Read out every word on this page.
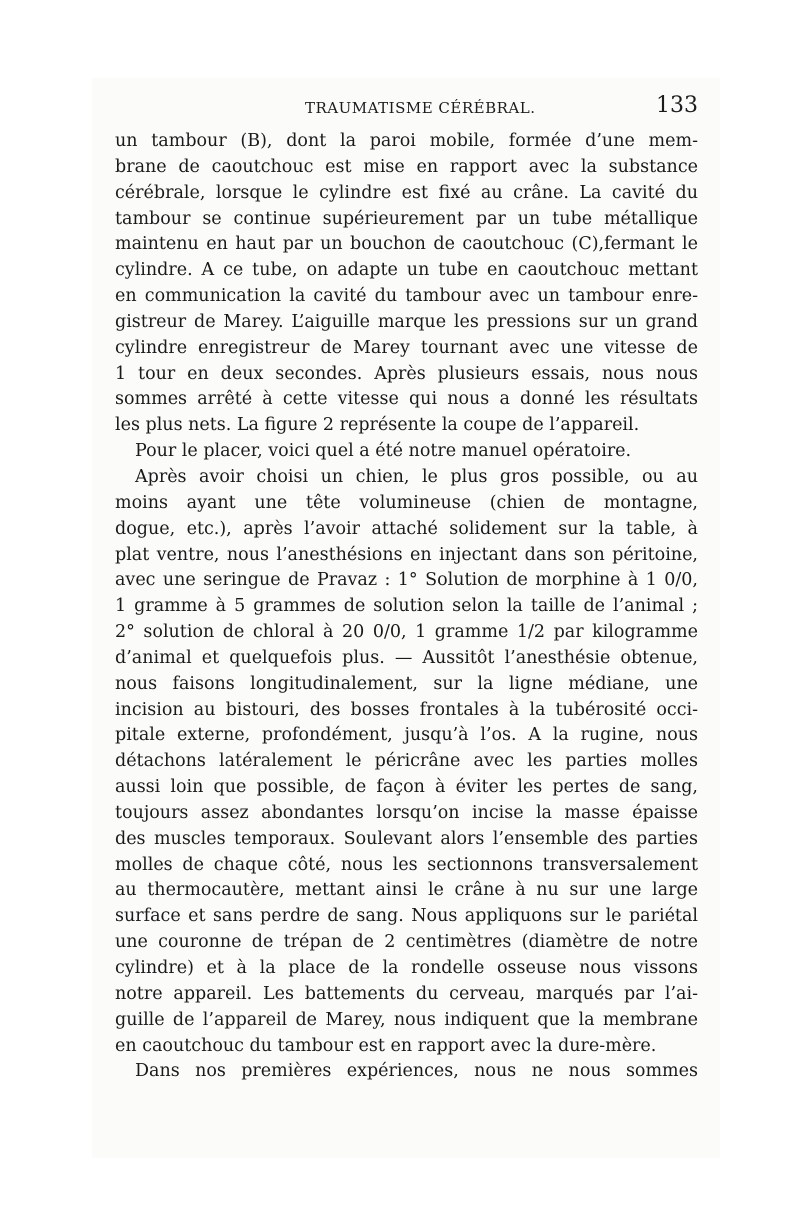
TRAUMATISME CÉRÉBRAL.	133
un tambour (B), dont la paroi mobile, formée d’une mem-
brane de caoutchouc est mise en rapport avec la substance
cérébrale, lorsque le cylindre est fixé au crâne. La cavité du
tambour se continue supérieurement par un tube métallique
maintenu en haut par un bouchon de caoutchouc (C),fermant le
cylindre. A ce tube, on adapte un tube en caoutchouc mettant
en communication la cavité du tambour avec un tambour enre-
gistreur de Marey. L’aiguille marque les pressions sur un grand
cylindre enregistreur de Marey tournant avec une vitesse de
1 tour en deux secondes. Après plusieurs essais, nous nous
sommes arrêté à cette vitesse qui nous a donné les résultats
les plus nets. La figure 2 représente la coupe de l’appareil.
Pour le placer, voici quel a été notre manuel opératoire.
Après avoir choisi un chien, le plus gros possible, ou au
moins ayant une tête volumineuse (chien de montagne,
dogue, etc.), après l’avoir attaché solidement sur la table, à
plat ventre, nous l’anesthésions en injectant dans son péritoine,
avec une seringue de Pravaz : 1° Solution de morphine à 1 0/0,
1 gramme à 5 grammes de solution selon la taille de l’animal ;
2° solution de chloral à 20 0/0, 1 gramme 1/2 par kilogramme
d’animal et quelquefois plus. — Aussitôt l’anesthésie obtenue,
nous faisons longitudinalement, sur la ligne médiane, une
incision au bistouri, des bosses frontales à la tubérosité occi-
pitale externe, profondément, jusqu’à l’os. A la rugine, nous
détachons latéralement le péricrâne avec les parties molles
aussi loin que possible, de façon à éviter les pertes de sang,
toujours assez abondantes lorsqu’on incise la masse épaisse
des muscles temporaux. Soulevant alors l’ensemble des parties
molles de chaque côté, nous les sectionnons transversalement
au thermocautère, mettant ainsi le crâne à nu sur une large
surface et sans perdre de sang. Nous appliquons sur le pariétal
une couronne de trépan de 2 centimètres (diamètre de notre
cylindre) et à la place de la rondelle osseuse nous vissons
notre appareil. Les battements du cerveau, marqués par l’ai-
guille de l’appareil de Marey, nous indiquent que la membrane
en caoutchouc du tambour est en rapport avec la dure-mère.
Dans nos premières expériences, nous ne nous sommes
